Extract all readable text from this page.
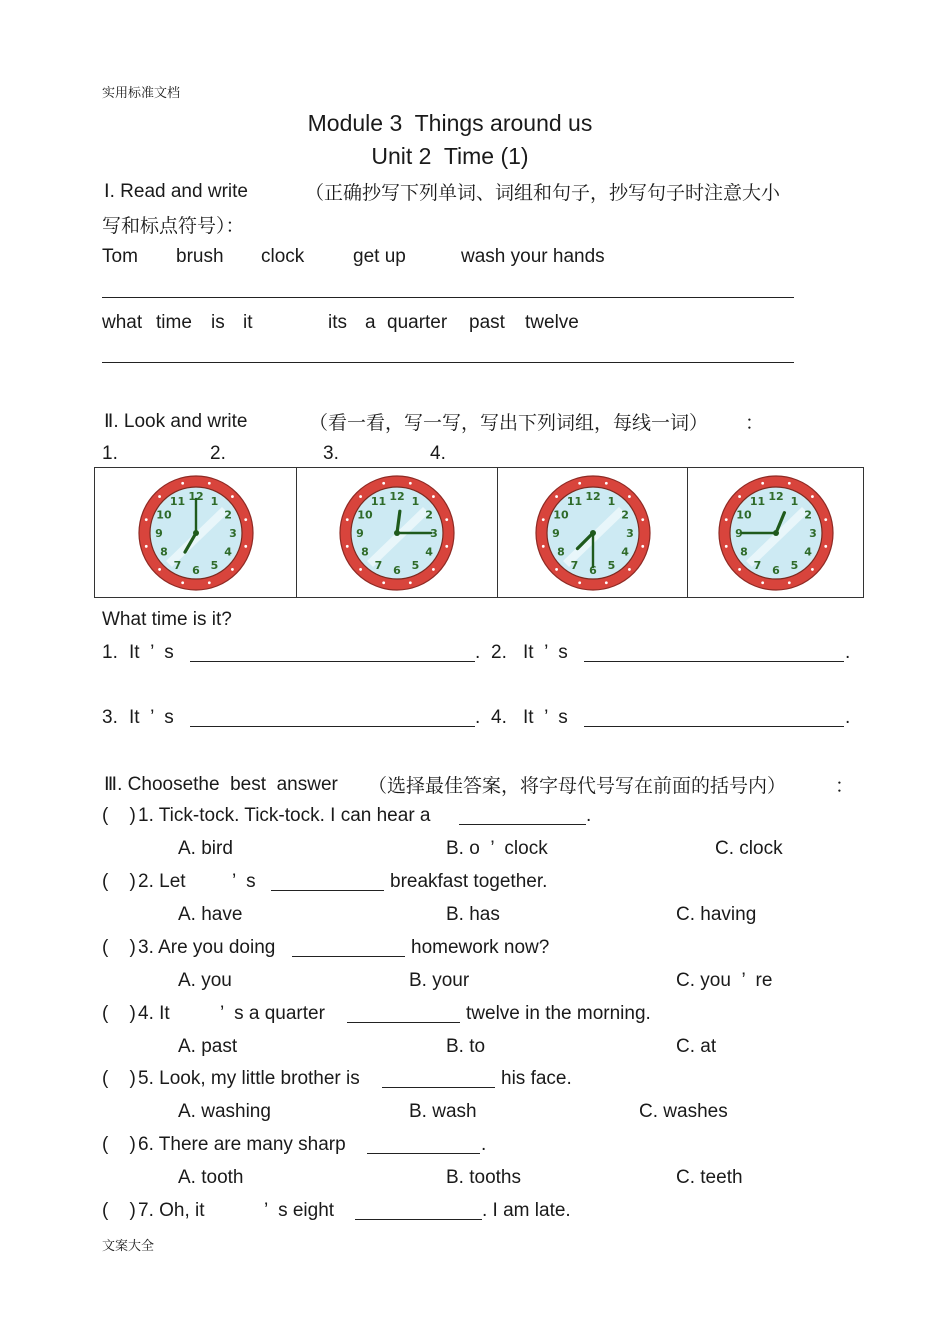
实用标准文档
Module 3  Things around us
Unit 2  Time (1)
Ⅰ. Read and write	（正确抄写下列单词、词组和句子，抄写句子时注意大小
写和标点符号）：
Tom brush clock	get up	wash your hands
what time is it	its a quarter past twelve
Ⅱ. Look and write	（看一看，写一写，写出下列词组，每线一词） ：
1.	2.	3.	4.
1
2
3
4
5
6
7
8
9
10
11 12	1
2
3
4
5
6
7
8
9
10
11 12	1
2
3
4
5
6
7
8
9
10
11 12	1
2
3
4
5
6
7
8
9
10
11 12
What time is it?
1. It  ’  s	. 2. It  ’  s	.
3. It  ’  s	. 4. It  ’  s	.
Ⅲ. Choosethe  best  answer （选择最佳答案，将字母代号写在前面的括号内）	：
(    ) 1. Tick-tock. Tick-tock. I can hear a	.
A. bird	B. o  ’  clock	C. clock
(    ) 2. Let ’  s	breakfast together.
A. have	B. has	C. having
(    ) 3. Are you doing	homework now?
A. you	B. your	C. you  ’  re
(    ) 4. It	’  s a quarter	twelve in the morning.
A. past	B. to	C. at
(    ) 5. Look, my little brother is	his face.
A. washing	B. wash	C. washes
(    ) 6. There are many sharp	.
A. tooth	B. tooths	C. teeth
(    ) 7. Oh, it	’  s eight	. I am late.
文案大全
